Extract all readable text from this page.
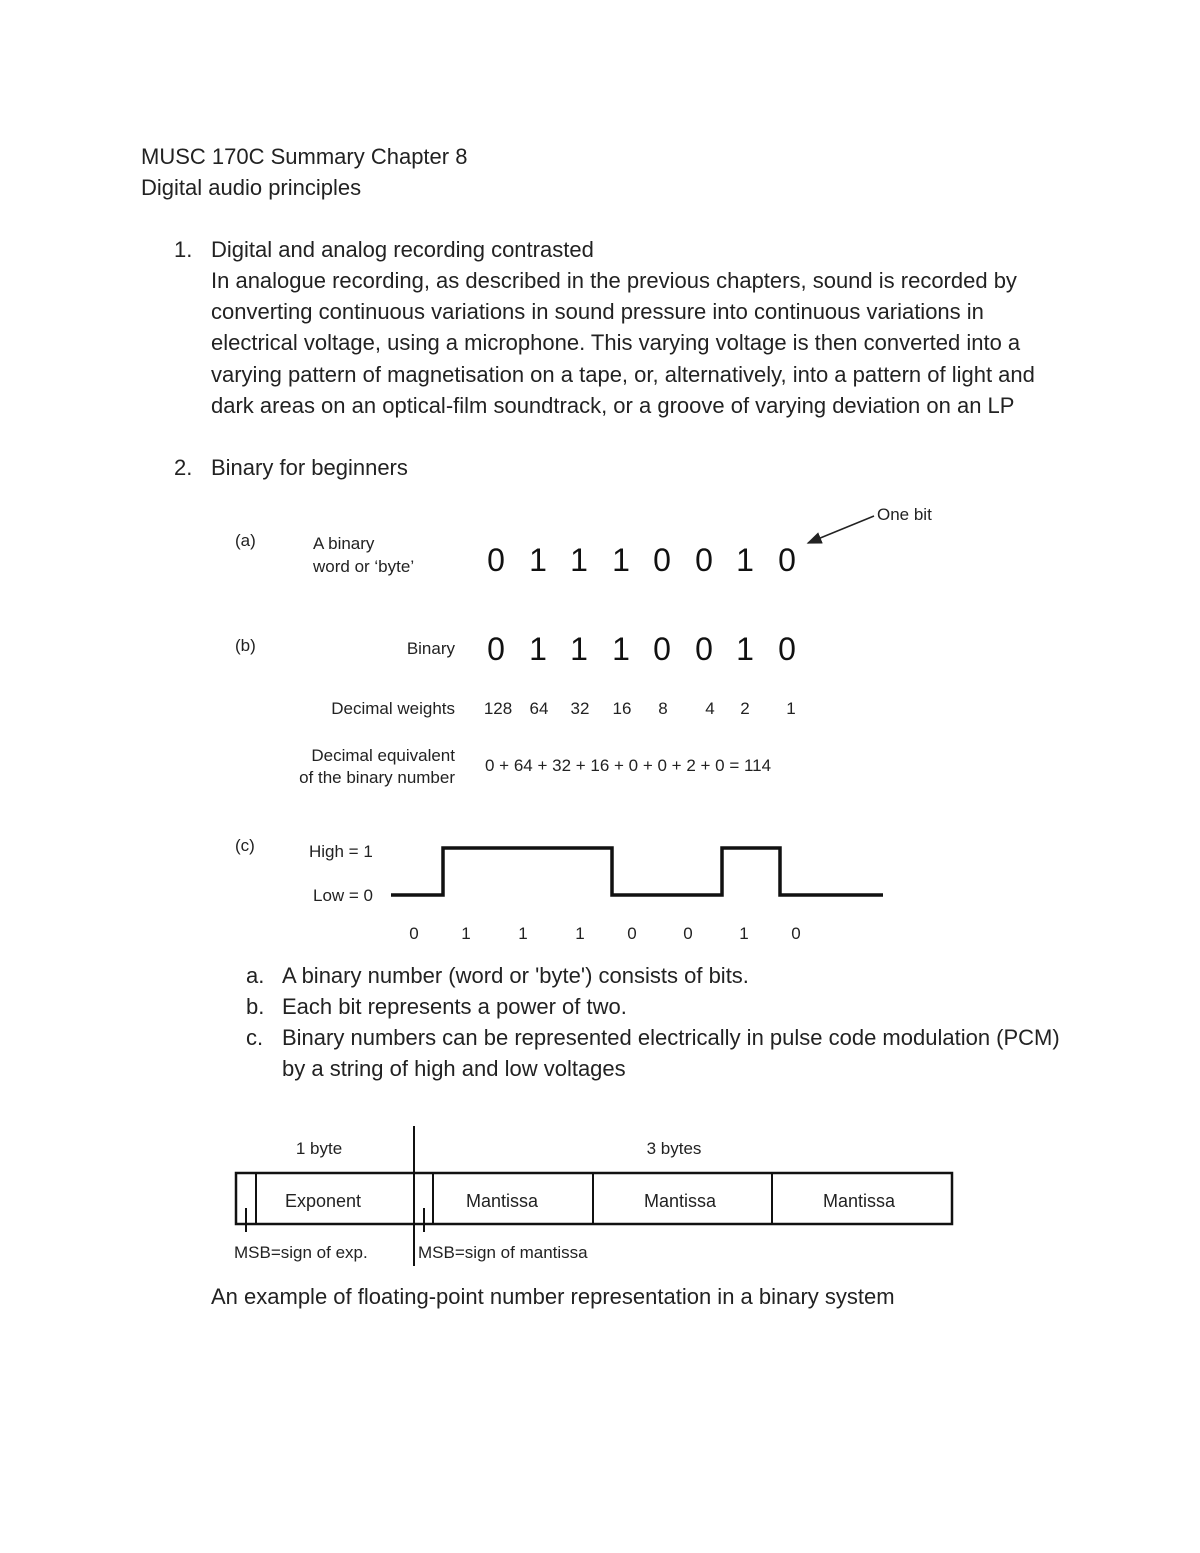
MUSC 170C Summary Chapter 8
Digital audio principles
1. Digital and analog recording contrasted
In analogue recording, as described in the previous chapters, sound is recorded by converting continuous variations in sound pressure into continuous variations in electrical voltage, using a microphone. This varying voltage is then converted into a varying pattern of magnetisation on a tape, or, alternatively, into a pattern of light and dark areas on an optical-film soundtrack, or a groove of varying deviation on an LP
2. Binary for beginners
(a)	A binary
word or ‘byte’ 0 1 1 1 0 0 1 0
One bit
(b)	Binary 0 1 1 1 0 0 1 0
Decimal weights 128 64 32 16 8 4 2 1
Decimal equivalent
of the binary number
0 + 64 + 32 + 16 + 0 + 0 + 2 + 0 = 114
(c)	High = 1
Low = 0
0	1	1	1	0	0	1	0
a. A binary number (word or 'byte') consists of bits.
b. Each bit represents a power of two.
c. Binary numbers can be represented electrically in pulse code modulation (PCM) by a string of high and low voltages
1 byte	3 bytes
Exponent	Mantissa	Mantissa	Mantissa
MSB=sign of exp.	MSB=sign of mantissa
An example of floating-point number representation in a binary system
